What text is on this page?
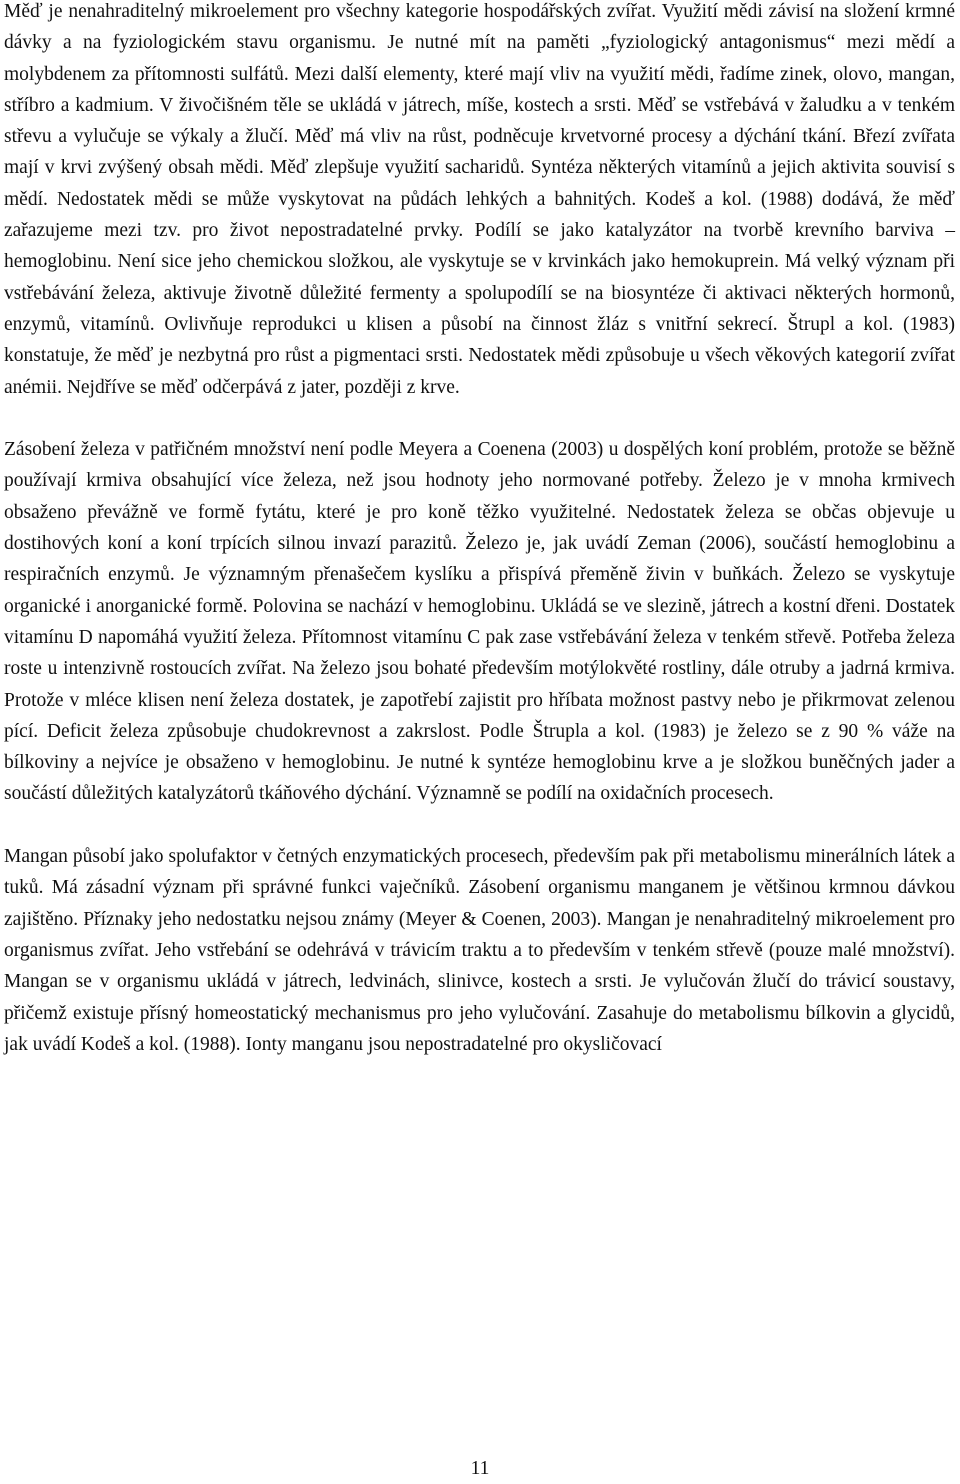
Měď je nenahraditelný mikroelement pro všechny kategorie hospodářských zvířat. Využití mědi závisí na složení krmné dávky a na fyziologickém stavu organismu. Je nutné mít na paměti „fyziologický antagonismus“ mezi mědí a molybdenem za přítomnosti sulfátů. Mezi další elementy, které mají vliv na využití mědi, řadíme zinek, olovo, mangan, stříbro a kadmium. V živočišném těle se ukládá v játrech, míše, kostech a srsti. Měď se vstřebává v žaludku a v tenkém střevu a vylučuje se výkaly a žlučí. Měď má vliv na růst, podněcuje krvetvorné procesy a dýchání tkání. Březí zvířata mají v krvi zvýšený obsah mědi. Měď zlepšuje využití sacharidů. Syntéza některých vitamínů a jejich aktivita souvisí s mědí. Nedostatek mědi se může vyskytovat na půdách lehkých a bahnitých. Kodeš a kol. (1988) dodává, že měď zařazujeme mezi tzv. pro život nepostradatelné prvky. Podílí se jako katalyzátor na tvorbě krevního barviva – hemoglobinu. Není sice jeho chemickou složkou, ale vyskytuje se v krvinkách jako hemokuprein. Má velký význam při vstřebávání železa, aktivuje životně důležité fermenty a spolupodílí se na biosyntéze či aktivaci některých hormonů, enzymů, vitamínů. Ovlivňuje reprodukci u klisen a působí na činnost žláz s vnitřní sekrecí. Štrupl a kol. (1983) konstatuje, že měď je nezbytná pro růst a pigmentaci srsti. Nedostatek mědi způsobuje u všech věkových kategorií zvířat anémii. Nejdříve se měď odčerpává z jater, později z krve.

Zásobení železa v patřičném množství není podle Meyera a Coenena (2003) u dospělých koní problém, protože se běžně používají krmiva obsahující více železa, než jsou hodnoty jeho normované potřeby. Železo je v mnoha krmivech obsaženo převážně ve formě fytátu, které je pro koně těžko využitelné. Nedostatek železa se občas objevuje u dostihových koní a koní trpících silnou invazí parazitů. Železo je, jak uvádí Zeman (2006), součástí hemoglobinu a respiračních enzymů. Je významným přenašečem kyslíku a přispívá přeměně živin v buňkách. Železo se vyskytuje organické i anorganické formě. Polovina se nachází v hemoglobinu. Ukládá se ve slezině, játrech a kostní dřeni. Dostatek vitamínu D napomáhá využití železa. Přítomnost vitamínu C pak zase vstřebávání železa v tenkém střevě. Potřeba železa roste u intenzivně rostoucích zvířat. Na železo jsou bohaté především motýlokvěté rostliny, dále otruby a jadrná krmiva. Protože v mléce klisen není železa dostatek, je zapotřebí zajistit pro hříbata možnost pastvy nebo je přikrmovat zelenou pící. Deficit železa způsobuje chudokrevnost a zakrslost. Podle Štrupla a kol. (1983) je železo se z 90 % váže na bílkoviny a nejvíce je obsaženo v hemoglobinu. Je nutné k syntéze hemoglobinu krve a je složkou buněčných jader a součástí důležitých katalyzátorů tkáňového dýchání. Významně se podílí na oxidačních procesech.

Mangan působí jako spolufaktor v četných enzymatických procesech, především pak při metabolismu minerálních látek a tuků. Má zásadní význam při správné funkci vaječníků. Zásobení organismu manganem je většinou krmnou dávkou zajištěno. Příznaky jeho nedostatku nejsou známy (Meyer & Coenen, 2003). Mangan je nenahraditelný mikroelement pro organismus zvířat. Jeho vstřebání se odehrává v trávicím traktu a to především v tenkém střevě (pouze malé množství). Mangan se v organismu ukládá v játrech, ledvinách, slinivce, kostech a srsti. Je vylučován žlučí do trávicí soustavy, přičemž existuje přísný homeostatický mechanismus pro jeho vylučování. Zasahuje do metabolismu bílkovin a glycidů, jak uvádí Kodeš a kol. (1988). Ionty manganu jsou nepostradatelné pro okysličovací

11
